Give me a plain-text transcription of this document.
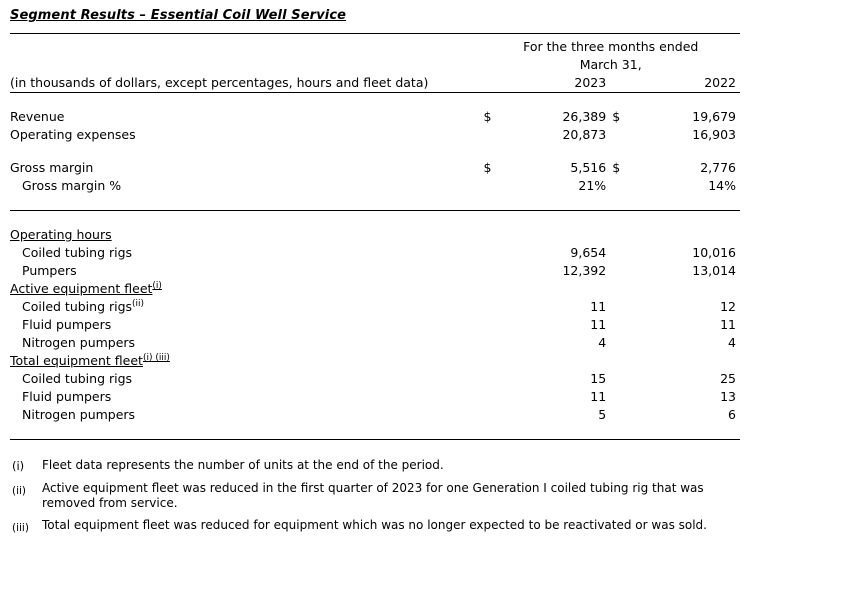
Segment Results – Essential Coil Well Service

	For the three months ended			

	March 31,			

(in thousands of dollars, except percentages, hours and fleet data)		2023		2022

Revenue	$	26,389	$	19,679
Operating expenses		20,873		16,903

Gross margin	$	5,516	$	2,776
Gross margin %		21%		14%

Operating hours				
Coiled tubing rigs		9,654		10,016
Pumpers		12,392		13,014
Active equipment fleet$^{(i)}$	
Coiled tubing rigs$^{(ii)}$		11		12
Fluid pumpers		11		11
Nitrogen pumpers		4		4
Total equipment fleet$^{(i) (iii)}$	
Coiled tubing rigs		15		25
Fluid pumpers		11		13
Nitrogen pumpers		5		6

(i)	Fleet data represents the number of units at the end of the period.
(ii)	Active equipment fleet was reduced in the first quarter of 2023 for one Generation I coiled tubing rig that was removed from service.
(iii)	Total equipment fleet was reduced for equipment which was no longer expected to be reactivated or was sold.
